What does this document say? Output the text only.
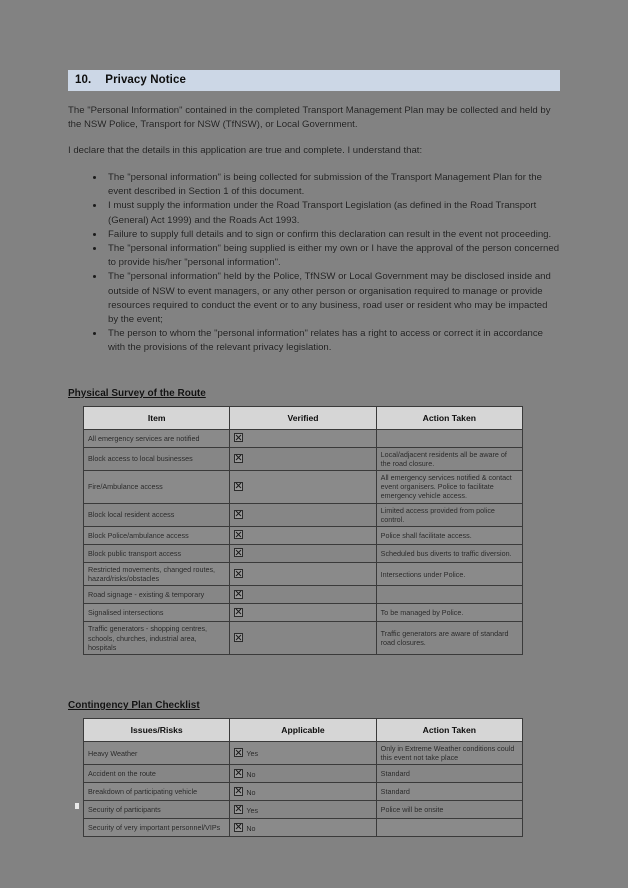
10. Privacy Notice
The "Personal Information" contained in the completed Transport Management Plan may be collected and held by the NSW Police, Transport for NSW (TfNSW), or Local Government.
I declare that the details in this application are true and complete. I understand that:
The "personal information" is being collected for submission of the Transport Management Plan for the event described in Section 1 of this document.
I must supply the information under the Road Transport Legislation (as defined in the Road Transport (General) Act 1999) and the Roads Act 1993.
Failure to supply full details and to sign or confirm this declaration can result in the event not proceeding.
The "personal information" being supplied is either my own or I have the approval of the person concerned to provide his/her "personal information".
The "personal information" held by the Police, TfNSW or Local Government may be disclosed inside and outside of NSW to event managers, or any other person or organisation required to manage or provide resources required to conduct the event or to any business, road user or resident who may be impacted by the event;
The person to whom the "personal information" relates has a right to access or correct it in accordance with the provisions of the relevant privacy legislation.
Physical Survey of the Route
Item	Verified	Action Taken
All emergency services are notified		
Block access to local businesses		Local/adjacent residents all be aware of the road closure.
Fire/Ambulance access		All emergency services notified & contact event organisers. Police to facilitate emergency vehicle access.
Block local resident access		Limited access provided from police control.
Block Police/ambulance access		Police shall facilitate access.
Block public transport access		Scheduled bus diverts to traffic diversion.
Restricted movements, changed routes, hazard/risks/obstacles		Intersections under Police.
Road signage - existing & temporary		
Signalised intersections		To be managed by Police.
Traffic generators - shopping centres, schools, churches, industrial area, hospitals		Traffic generators are aware of standard road closures.
Contingency Plan Checklist
Issues/Risks	Applicable	Action Taken
Heavy Weather	Yes	Only in Extreme Weather conditions could this event not take place
Accident on the route	No	Standard
Breakdown of participating vehicle	No	Standard
Security of participants	Yes	Police will be onsite
Security of very important personnel/VIPs	No	
